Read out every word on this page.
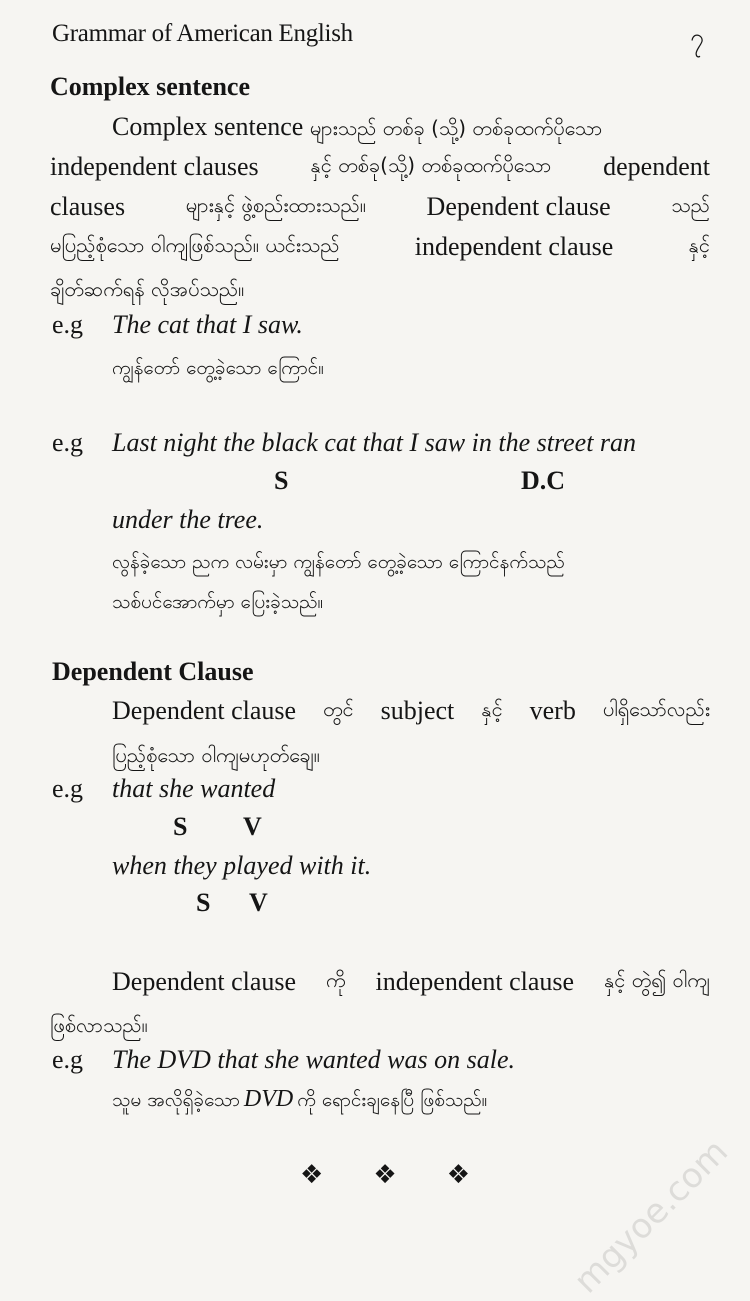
Grammar of American English	၇
Complex sentence
Complex sentence များသည် တစ်ခု (သို့) တစ်ခုထက်ပိုသော
independent clauses	နှင့် တစ်ခု(သို့) တစ်ခုထက်ပိုသော dependent
clauses	များနှင့် ဖွဲ့စည်းထားသည်။ Dependent clause	သည်
မပြည့်စုံသော ဝါကျဖြစ်သည်။ ယင်းသည်	independent clause	နှင့်
ချိတ်ဆက်ရန် လိုအပ်သည်။
e.g The cat that I saw.
ကျွန်တော် တွေ့ခဲ့သော ကြောင်။
e.g Last night the black cat that I saw in the street ran
S	D.C
under the tree.
လွန်ခဲ့သော ညက လမ်းမှာ ကျွန်တော် တွေ့ခဲ့သော ကြောင်နက်သည်
သစ်ပင်အောက်မှာ ပြေးခဲ့သည်။
Dependent Clause
Dependent clause တွင် subject နှင့် verb ပါရှိသော်လည်း
ပြည့်စုံသော ဝါကျမဟုတ်ချေ။
e.g that she wanted
S V
when they played with it.
S V
Dependent clause ကို independent clause နှင့် တွဲ၍ ဝါကျ
ဖြစ်လာသည်။
e.g The DVD that she wanted was on sale.
သူမ အလိုရှိခဲ့သော DVD ကို ရောင်းချနေပြီ ဖြစ်သည်။
❖ ❖ ❖	mgyoe.com
